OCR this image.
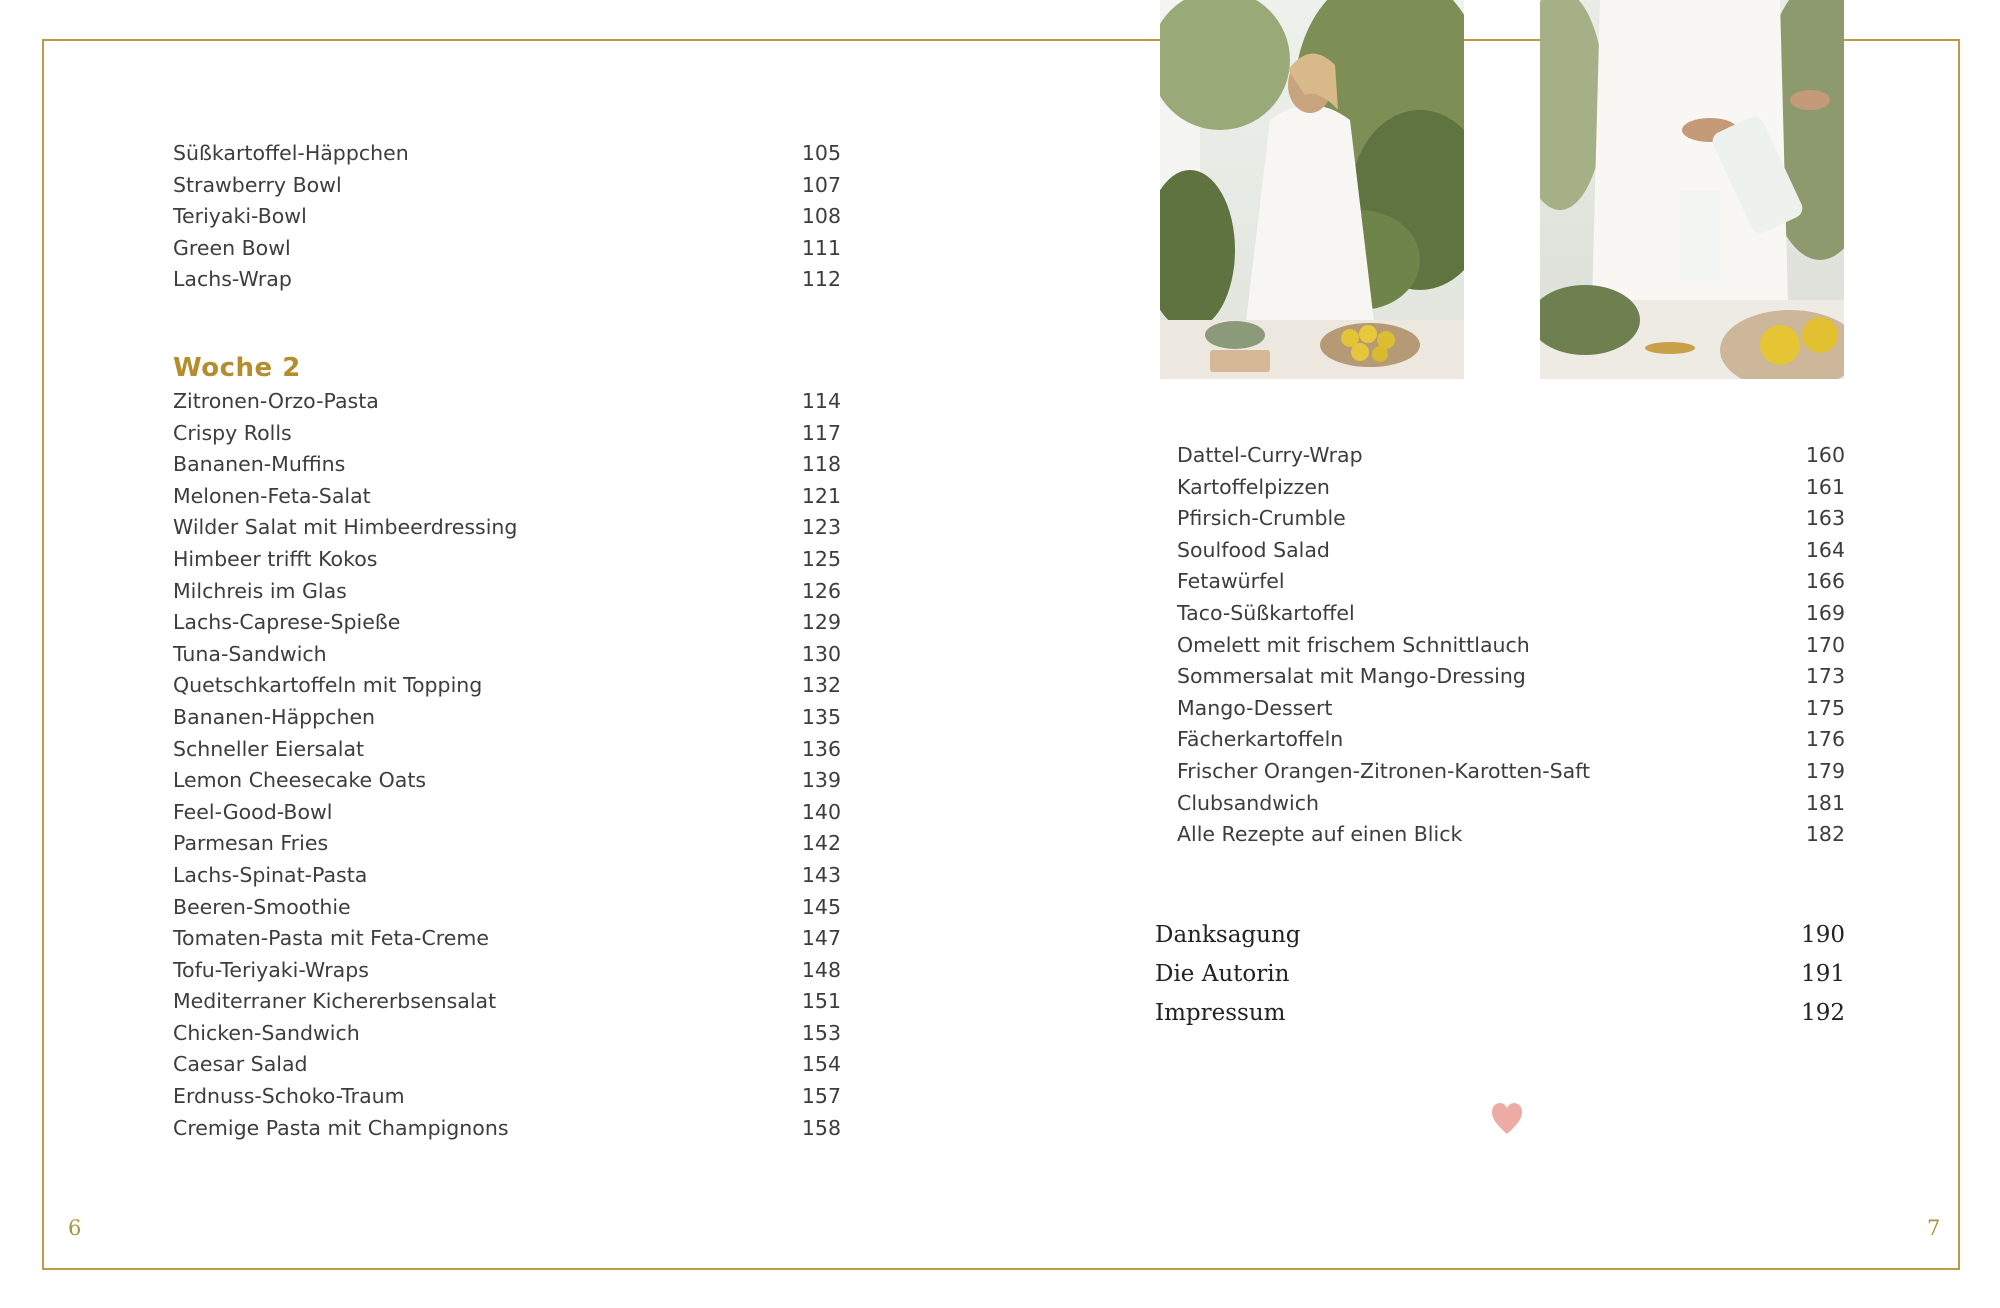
Süßkartoffel-Häppchen	105
Strawberry Bowl	107
Teriyaki-Bowl	108
Green Bowl	111
Lachs-Wrap	112
Woche 2
Zitronen-Orzo-Pasta	114
Crispy Rolls	117
Bananen-Muffins	118
Melonen-Feta-Salat	121
Wilder Salat mit Himbeerdressing	123
Himbeer trifft Kokos	125
Milchreis im Glas	126
Lachs-Caprese-Spieße	129
Tuna-Sandwich	130
Quetschkartoffeln mit Topping	132
Bananen-Häppchen	135
Schneller Eiersalat	136
Lemon Cheesecake Oats	139
Feel-Good-Bowl	140
Parmesan Fries	142
Lachs-Spinat-Pasta	143
Beeren-Smoothie	145
Tomaten-Pasta mit Feta-Creme	147
Tofu-Teriyaki-Wraps	148
Mediterraner Kichererbsensalat	151
Chicken-Sandwich	153
Caesar Salad	154
Erdnuss-Schoko-Traum	157
Cremige Pasta mit Champignons	158
Dattel-Curry-Wrap	160
Kartoffelpizzen	161
Pfirsich-Crumble	163
Soulfood Salad	164
Fetawürfel	166
Taco-Süßkartoffel	169
Omelett mit frischem Schnittlauch	170
Sommersalat mit Mango-Dressing	173
Mango-Dessert	175
Fächerkartoffeln	176
Frischer Orangen-Zitronen-Karotten-Saft	179
Clubsandwich	181
Alle Rezepte auf einen Blick	182
Danksagung	190
Die Autorin	191
Impressum	192
6	7
